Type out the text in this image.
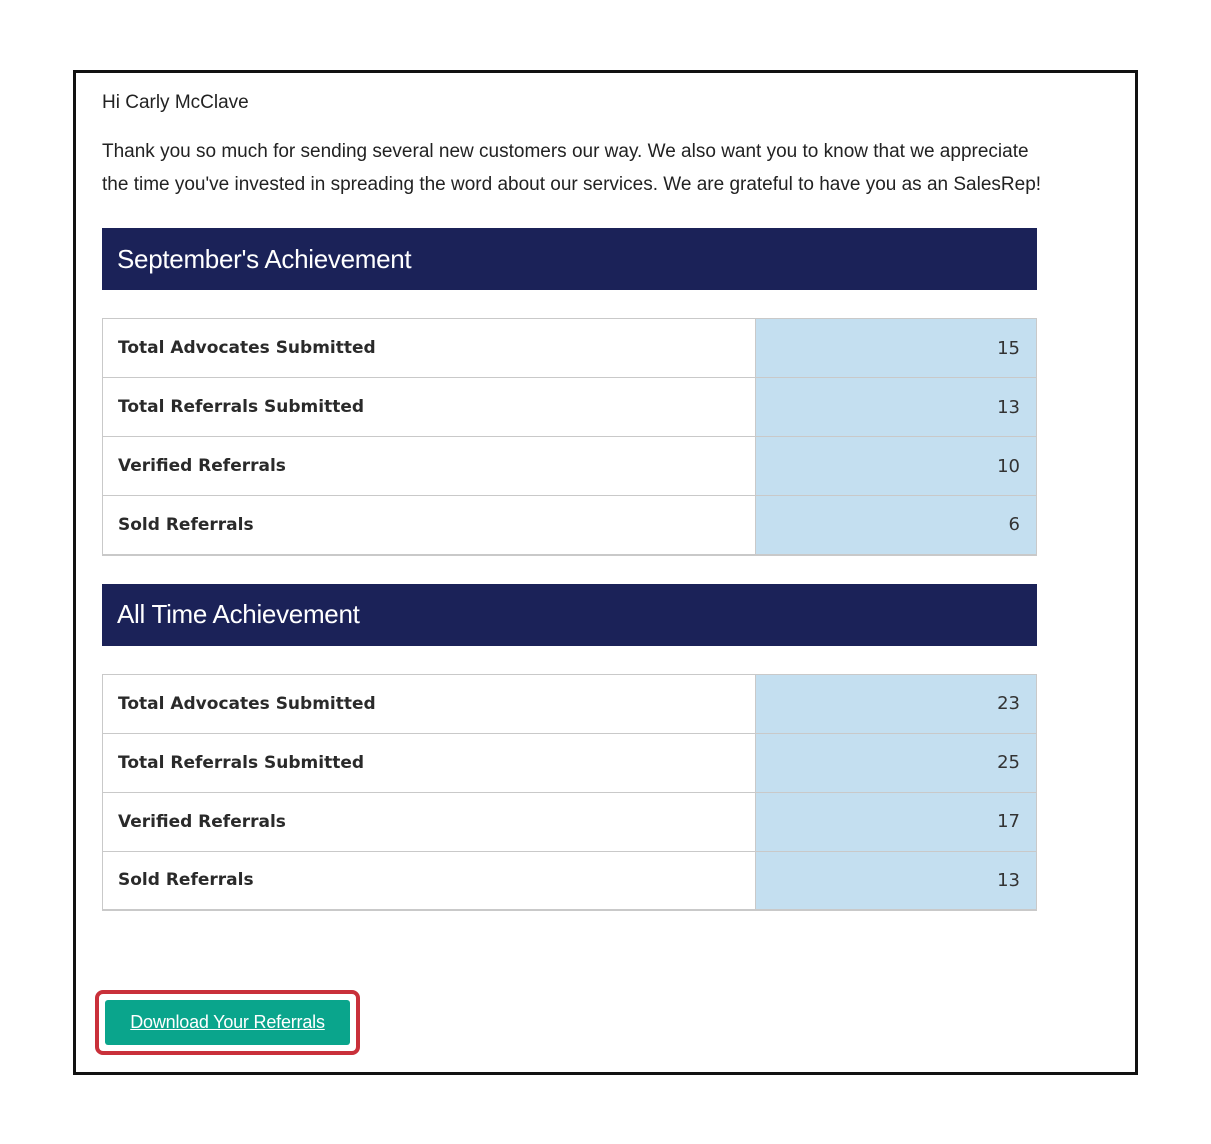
Hi Carly McClave

Thank you so much for sending several new customers our way. We also want you to know that we appreciate the time you've invested in spreading the word about our services. We are grateful to have you as an SalesRep!

September's Achievement
Total Advocates Submitted	15
Total Referrals Submitted	13
Verified Referrals	10
Sold Referrals	6
All Time Achievement
Total Advocates Submitted	23
Total Referrals Submitted	25
Verified Referrals	17
Sold Referrals	13
Download Your Referrals
